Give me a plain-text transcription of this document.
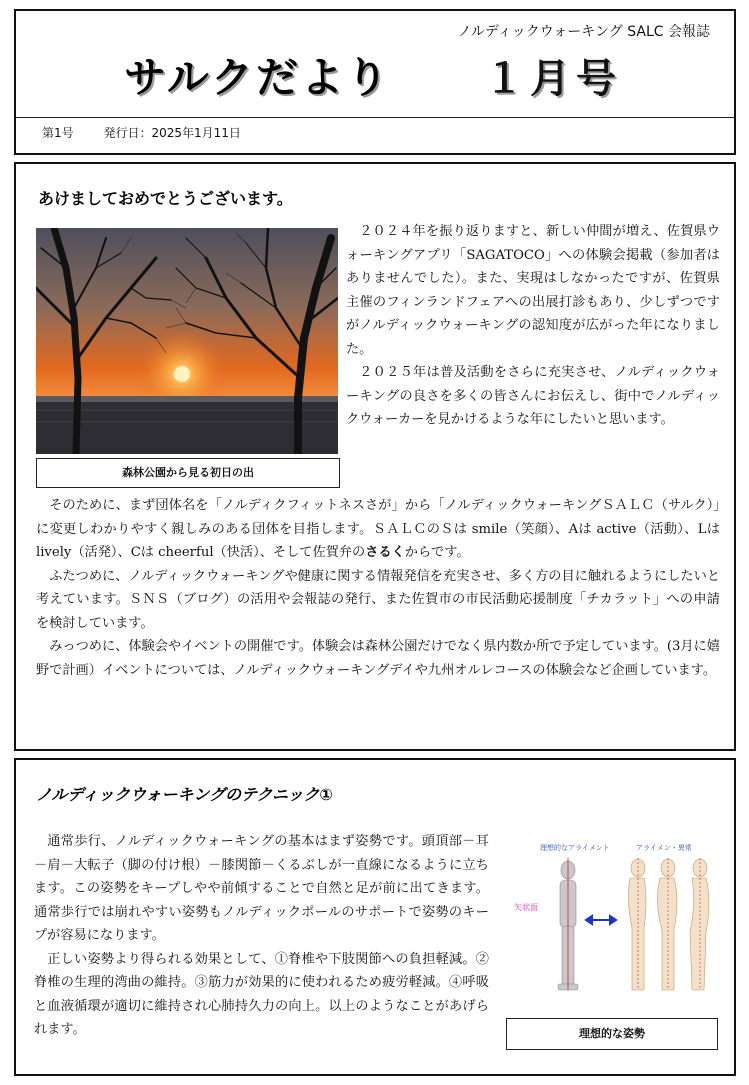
ノルディックウォーキング SALC 会報誌
サルクだより １月号
第1号 発行日：2025年1月11日
あけましておめでとうございます。
森林公園から見る初日の出

２０２４年を振り返りますと、新しい仲間が増え、佐賀県ウォーキングアプリ「SAGATOCO」への体験会掲載（参加者はありませんでした）。また、実現はしなかったですが、佐賀県主催のフィンランドフェアへの出展打診もあり、少しずつですがノルディックウォーキングの認知度が広がった年になりました。

２０２５年は普及活動をさらに充実させ、ノルディックウォーキングの良さを多くの皆さんにお伝えし、街中でノルディックウォーカーを見かけるような年にしたいと思います。

そのために、まず団体名を「ノルディクフィットネスさが」から「ノルディックウォーキングＳＡＬＣ（サルク）」に変更しわかりやすく親しみのある団体を目指します。ＳＡＬＣのＳは smile（笑顔）、Aは active（活動）、Lは lively（活発）、Cは cheerful（快活）、そして佐賀弁のさるくからです。

ふたつめに、ノルディックウォーキングや健康に関する情報発信を充実させ、多く方の目に触れるようにしたいと考えています。ＳＮＳ（ブログ）の活用や会報誌の発行、また佐賀市の市民活動応援制度「チカラット」への申請を検討しています。

みっつめに、体験会やイベントの開催です。体験会は森林公園だけでなく県内数か所で予定しています。(3月に嬉野で計画）イベントについては、ノルディックウォーキングデイや九州オルレコースの体験会など企画しています。

ノルディックウォーキングのテクニック①

通常歩行、ノルディックウォーキングの基本はまず姿勢です。頭頂部－耳－肩－大転子（脚の付け根）－膝関節－くるぶしが一直線になるように立ちます。この姿勢をキープしやや前傾することで自然と足が前に出てきます。通常歩行では崩れやすい姿勢もノルディックポールのサポートで姿勢のキープが容易になります。

正しい姿勢より得られる効果として、①脊椎や下肢関節への負担軽減。②脊椎の生理的湾曲の維持。③筋力が効果的に使われるため疲労軽減。④呼吸と血液循環が適切に維持され心肺持久力の向上。以上のようなことがあげられます。

理想的なアライメント	アライメン・異常
矢状面
理想的な姿勢
